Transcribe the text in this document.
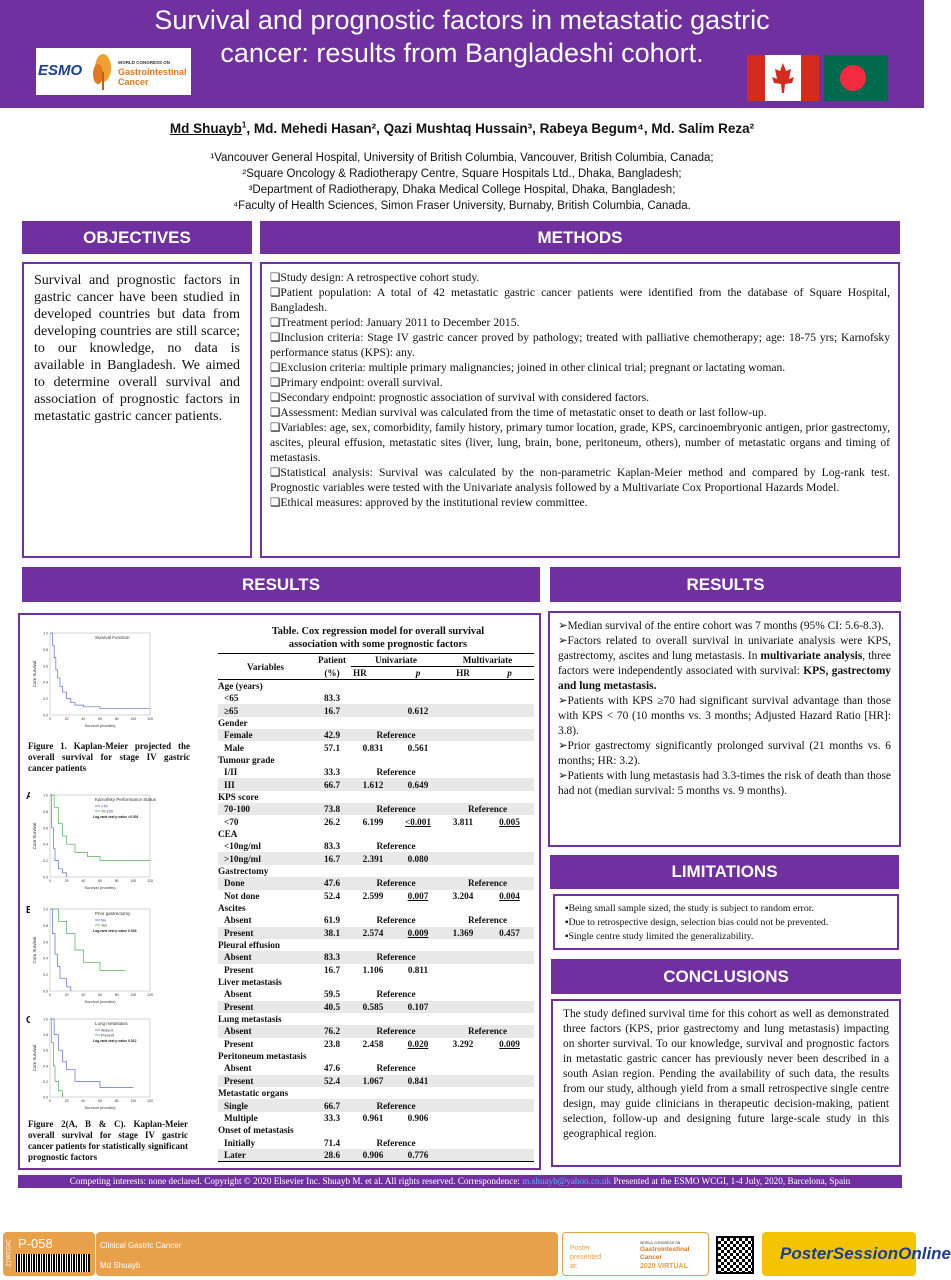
Survival and prognostic factors in metastatic gastric cancer: results from Bangladeshi cohort.
ESMO	WORLD CONGRESS ON
Gastrointestinal
Cancer
Md Shuayb$^1$, Md. Mehedi Hasan², Qazi Mushtaq Hussain³, Rabeya Begum⁴, Md. Salim Reza²
¹Vancouver General Hospital, University of British Columbia, Vancouver, British Columbia, Canada;
²Square Oncology & Radiotherapy Centre, Square Hospitals Ltd., Dhaka, Bangladesh;
³Department of Radiotherapy, Dhaka Medical College Hospital, Dhaka, Bangladesh;
⁴Faculty of Health Sciences, Simon Fraser University, Burnaby, British Columbia, Canada.
OBJECTIVES
Survival and prognostic factors in gastric cancer have been studied in developed countries but data from developing countries are still scarce; to our knowledge, no data is available in Bangladesh. We aimed to determine overall survival and association of prognostic factors in metastatic gastric cancer patients.
METHODS
❑Study design: A retrospective cohort study.
❑Patient population: A total of 42 metastatic gastric cancer patients were identified from the database of Square Hospital, Bangladesh.
❑Treatment period: January 2011 to December 2015.
❑Inclusion criteria: Stage IV gastric cancer proved by pathology; treated with palliative chemotherapy; age: 18-75 yrs; Karnofsky performance status (KPS): any.
❑Exclusion criteria: multiple primary malignancies; joined in other clinical trial; pregnant or lactating woman.
❑Primary endpoint: overall survival.
❑Secondary endpoint: prognostic association of survival with considered factors.
❑Assessment: Median survival was calculated from the time of metastatic onset to death or last follow-up.
❑Variables: age, sex, comorbidity, family history, primary tumor location, grade, KPS, carcinoembryonic antigen, prior gastrectomy, ascites, pleural effusion, metastatic sites (liver, lung, brain, bone, peritoneum, others), number of metastatic organs and timing of metastasis.
❑Statistical analysis: Survival was calculated by the non-parametric Kaplan-Meier method and compared by Log-rank test. Prognostic variables were tested with the Univariate analysis followed by a Multivariate Cox Proportional Hazards Model.
❑Ethical measures: approved by the institutional review committee.
RESULTS
0.0
0.2
0.4
0.6
0.8
1.0
0	20	40	60	80	100	120
Survival (months)
Cum Survival
Survival Function
Figure 1. Kaplan-Meier projected the overall survival for stage IV gastric cancer patients
A
0.0
0.2
0.4
0.6
0.8
1.0
0	20	40	60	80	100	120
Survival (months)
Cum Survival
Karnofsky Performance Status
<70
70-100
Log-rank test p value <0.001
B
0.0
0.2
0.4
0.6
0.8
1.0
0	20	40	60	80	100	120
Survival (months)
Cum Survival
Prior gastrectomy
No
Yes
Log-rank test p value 0.004
C
0.0
0.2
0.4
0.6
0.8
1.0
0	20	40	60	80	100	120
Survival (months)
Cum Survival
Lung metastasis
Absent
Present
Log-rank test p value 0.012
Figure 2(A, B & C). Kaplan-Meier overall survival for stage IV gastric cancer patients for statistically significant prognostic factors
Table. Cox regression model for overall survival
association with some prognostic factors
Variables	Patient	Univariate		Multivariate	
	(%)	HR	p	HR	p
Age (years)					
<65	83.3				
≥65	16.7		0.612		
Gender					
Female	42.9	Reference			
Male	57.1	0.831	0.561		
Tumour grade					
I/II	33.3	Reference			
III	66.7	1.612	0.649		
KPS score					
70-100	73.8	Reference		Reference	
<70	26.2	6.199	<0.001	3.811	0.005
CEA					
<10ng/ml	83.3	Reference			
>10ng/ml	16.7	2.391	0.080		
Gastrectomy					
Done	47.6	Reference		Reference	
Not done	52.4	2.599	0.007	3.204	0.004
Ascites					
Absent	61.9	Reference		Reference	
Present	38.1	2.574	0.009	1.369	0.457
Pleural effusion					
Absent	83.3	Reference			
Present	16.7	1.106	0.811		
Liver metastasis					
Absent	59.5	Reference			
Present	40.5	0.585	0.107		
Lung metastasis					
Absent	76.2	Reference		Reference	
Present	23.8	2.458	0.020	3.292	0.009
Peritoneum metastasis					
Absent	47.6	Reference			
Present	52.4	1.067	0.841		
Metastatic organs					
Single	66.7	Reference			
Multiple	33.3	0.961	0.906		
Onset of metastasis					
Initially	71.4	Reference			
Later	28.6	0.906	0.776		
RESULTS
➢Median survival of the entire cohort was 7 months (95% CI: 5.6-8.3).
➢Factors related to overall survival in univariate analysis were KPS, gastrectomy, ascites and lung metastasis. In multivariate analysis, three factors were independently associated with survival: KPS, gastrectomy and lung metastasis.
➢Patients with KPS ≥70 had significant survival advantage than those with KPS < 70 (10 months vs. 3 months; Adjusted Hazard Ratio [HR]: 3.8).
➢Prior gastrectomy significantly prolonged survival (21 months vs. 6 months; HR: 3.2).
➢Patients with lung metastasis had 3.3-times the risk of death than those had not (median survival: 5 months vs. 9 months).
LIMITATIONS
▪Being small sample sized, the study is subject to random error.
▪Due to retrospective design, selection bias could not be prevented.
▪Single centre study limited the generalizability.
CONCLUSIONS
The study defined survival time for this cohort as well as demonstrated three factors (KPS, prior gastrectomy and lung metastasis) impacting on shorter survival. To our knowledge, survival and prognostic factors in metastatic gastric cancer has previously never been described in a south Asian region. Pending the availability of such data, the results from our study, although yield from a small retrospective single centre design, may guide clinicians in therapeutic decision-making, patient selection, follow-up and designing future large-scale study in this geographical region.
Competing interests: none declared. Copyright © 2020 Elsevier Inc. Shuayb M. et al. All rights reserved. Correspondence: m.shuayb@yahoo.co.uk Presented at the ESMO WCGI, 1-4 July, 2020, Barcelona, Spain
21WCGIC P-058	Clinical Gastric Cancer
Md Shuayb
Poster presented at:
WORLD CONGRESS ON
Gastrointestinal
Cancer
2020 VIRTUAL
PosterSessionOnline
